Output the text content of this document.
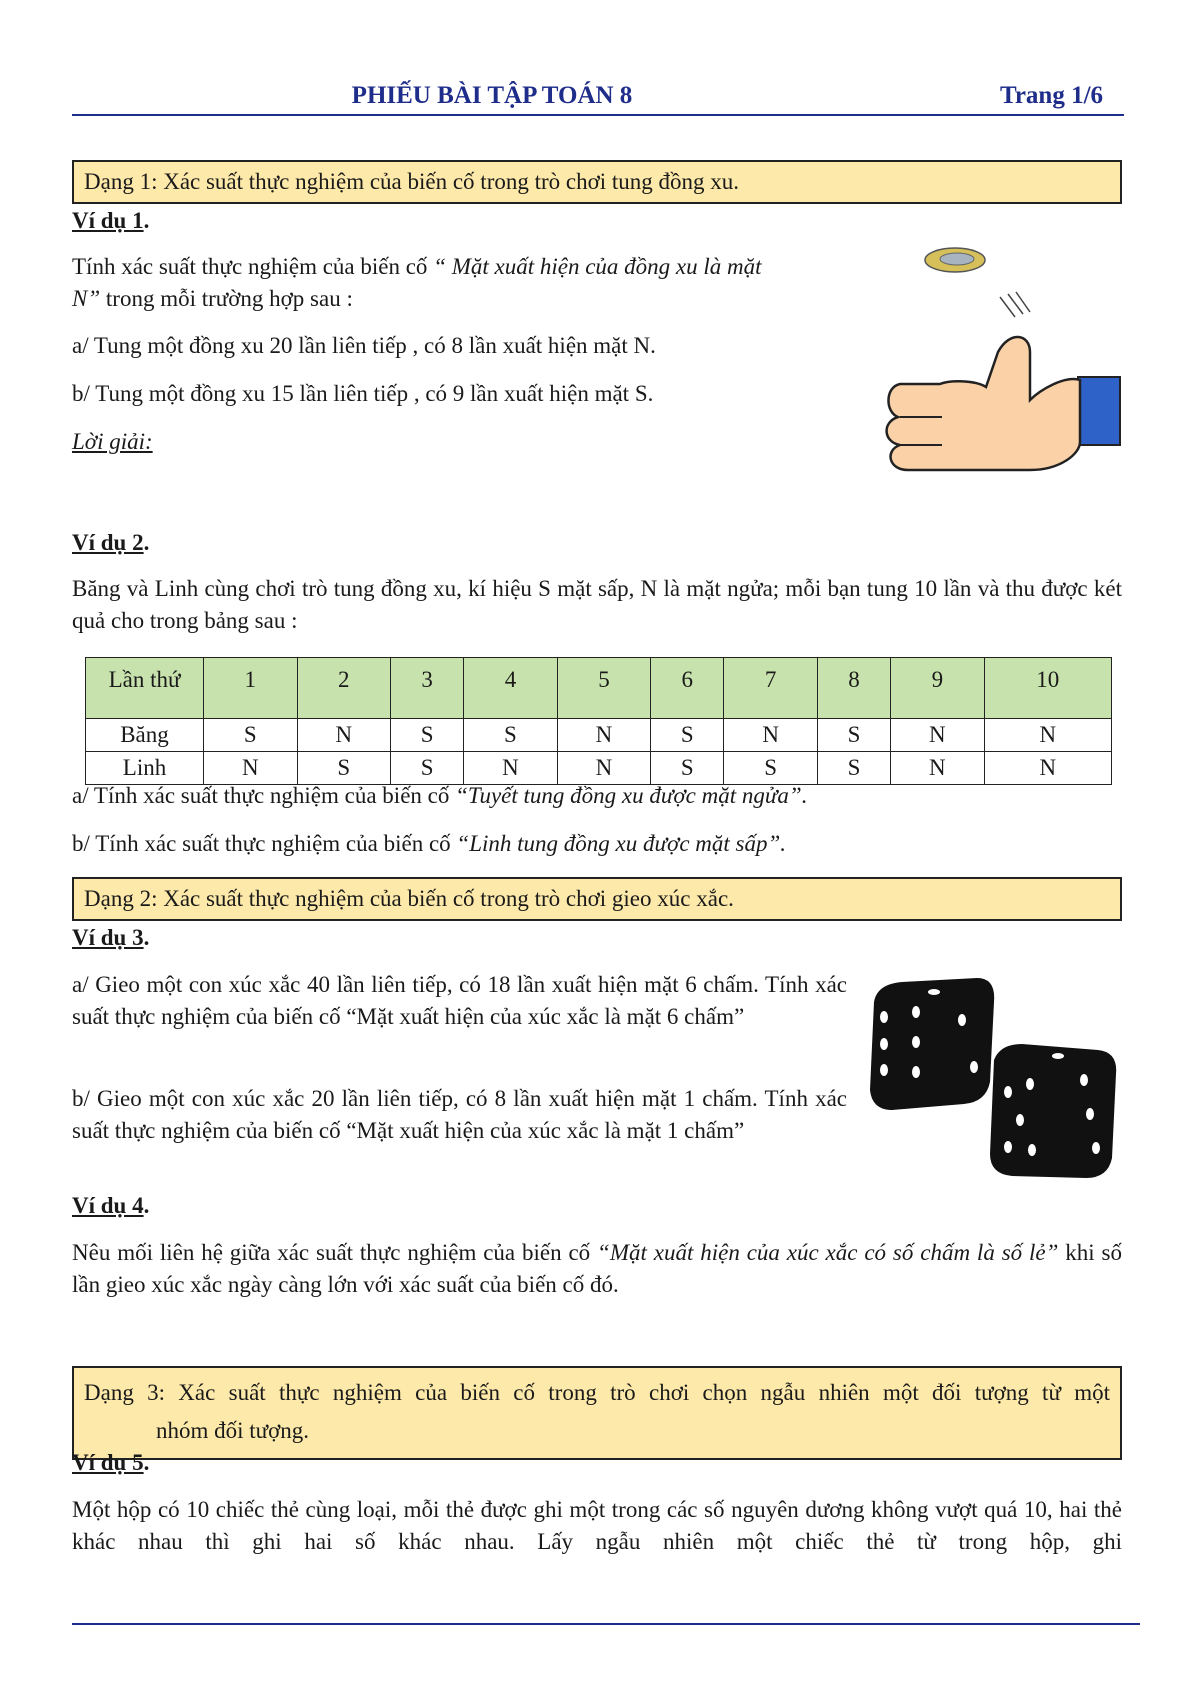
PHIẾU BÀI TẬP TOÁN 8	Trang 1/6
Dạng 1: Xác suất thực nghiệm của biến cố trong trò chơi tung đồng xu.
Ví dụ 1.
Tính xác suất thực nghiệm của biến cố “ Mặt xuất hiện của đồng xu là mặt
N” trong mỗi trường hợp sau :
a/ Tung một đồng xu 20 lần liên tiếp , có 8 lần xuất hiện mặt N.
b/ Tung một đồng xu 15 lần liên tiếp , có 9 lần xuất hiện mặt S.
Lời giải:
Ví dụ 2.
Băng và Linh cùng chơi trò tung đồng xu, kí hiệu S mặt sấp, N là mặt ngửa; mỗi bạn tung 10 lần và thu được két quả cho trong bảng sau :
Lần thứ	1	2	3	4	5	6	7	8	9	10
Băng	S	N	S	S	N	S	N	S	N	N
Linh	N	S	S	N	N	S	S	S	N	N
a/ Tính xác suất thực nghiệm của biến cố “Tuyết tung đồng xu được mặt ngửa”.
b/ Tính xác suất thực nghiệm của biến cố “Linh tung đồng xu được mặt sấp”.
Dạng 2: Xác suất thực nghiệm của biến cố trong trò chơi gieo xúc xắc.
Ví dụ 3.
a/ Gieo một con xúc xắc 40 lần liên tiếp, có 18 lần xuất hiện mặt 6 chấm. Tính xác suất thực nghiệm của biến cố “Mặt xuất hiện của xúc xắc là mặt 6 chấm”
b/ Gieo một con xúc xắc 20 lần liên tiếp, có 8 lần xuất hiện mặt 1 chấm. Tính xác suất thực nghiệm của biến cố “Mặt xuất hiện của xúc xắc là mặt 1 chấm”
Ví dụ 4.
Nêu mối liên hệ giữa xác suất thực nghiệm của biến cố “Mặt xuất hiện của xúc xắc có số chấm là số lẻ” khi số lần gieo xúc xắc ngày càng lớn với xác suất của biến cố đó.
Dạng 3: Xác suất thực nghiệm của biến cố trong trò chơi chọn ngẫu nhiên một đối tượng từ một
nhóm đối tượng.
Ví dụ 5.
Một hộp có 10 chiếc thẻ cùng loại, mỗi thẻ được ghi một trong các số nguyên dương không vượt quá 10, hai thẻ khác nhau thì ghi hai số khác nhau. Lấy ngẫu nhiên một chiếc thẻ từ trong hộp, ghi
